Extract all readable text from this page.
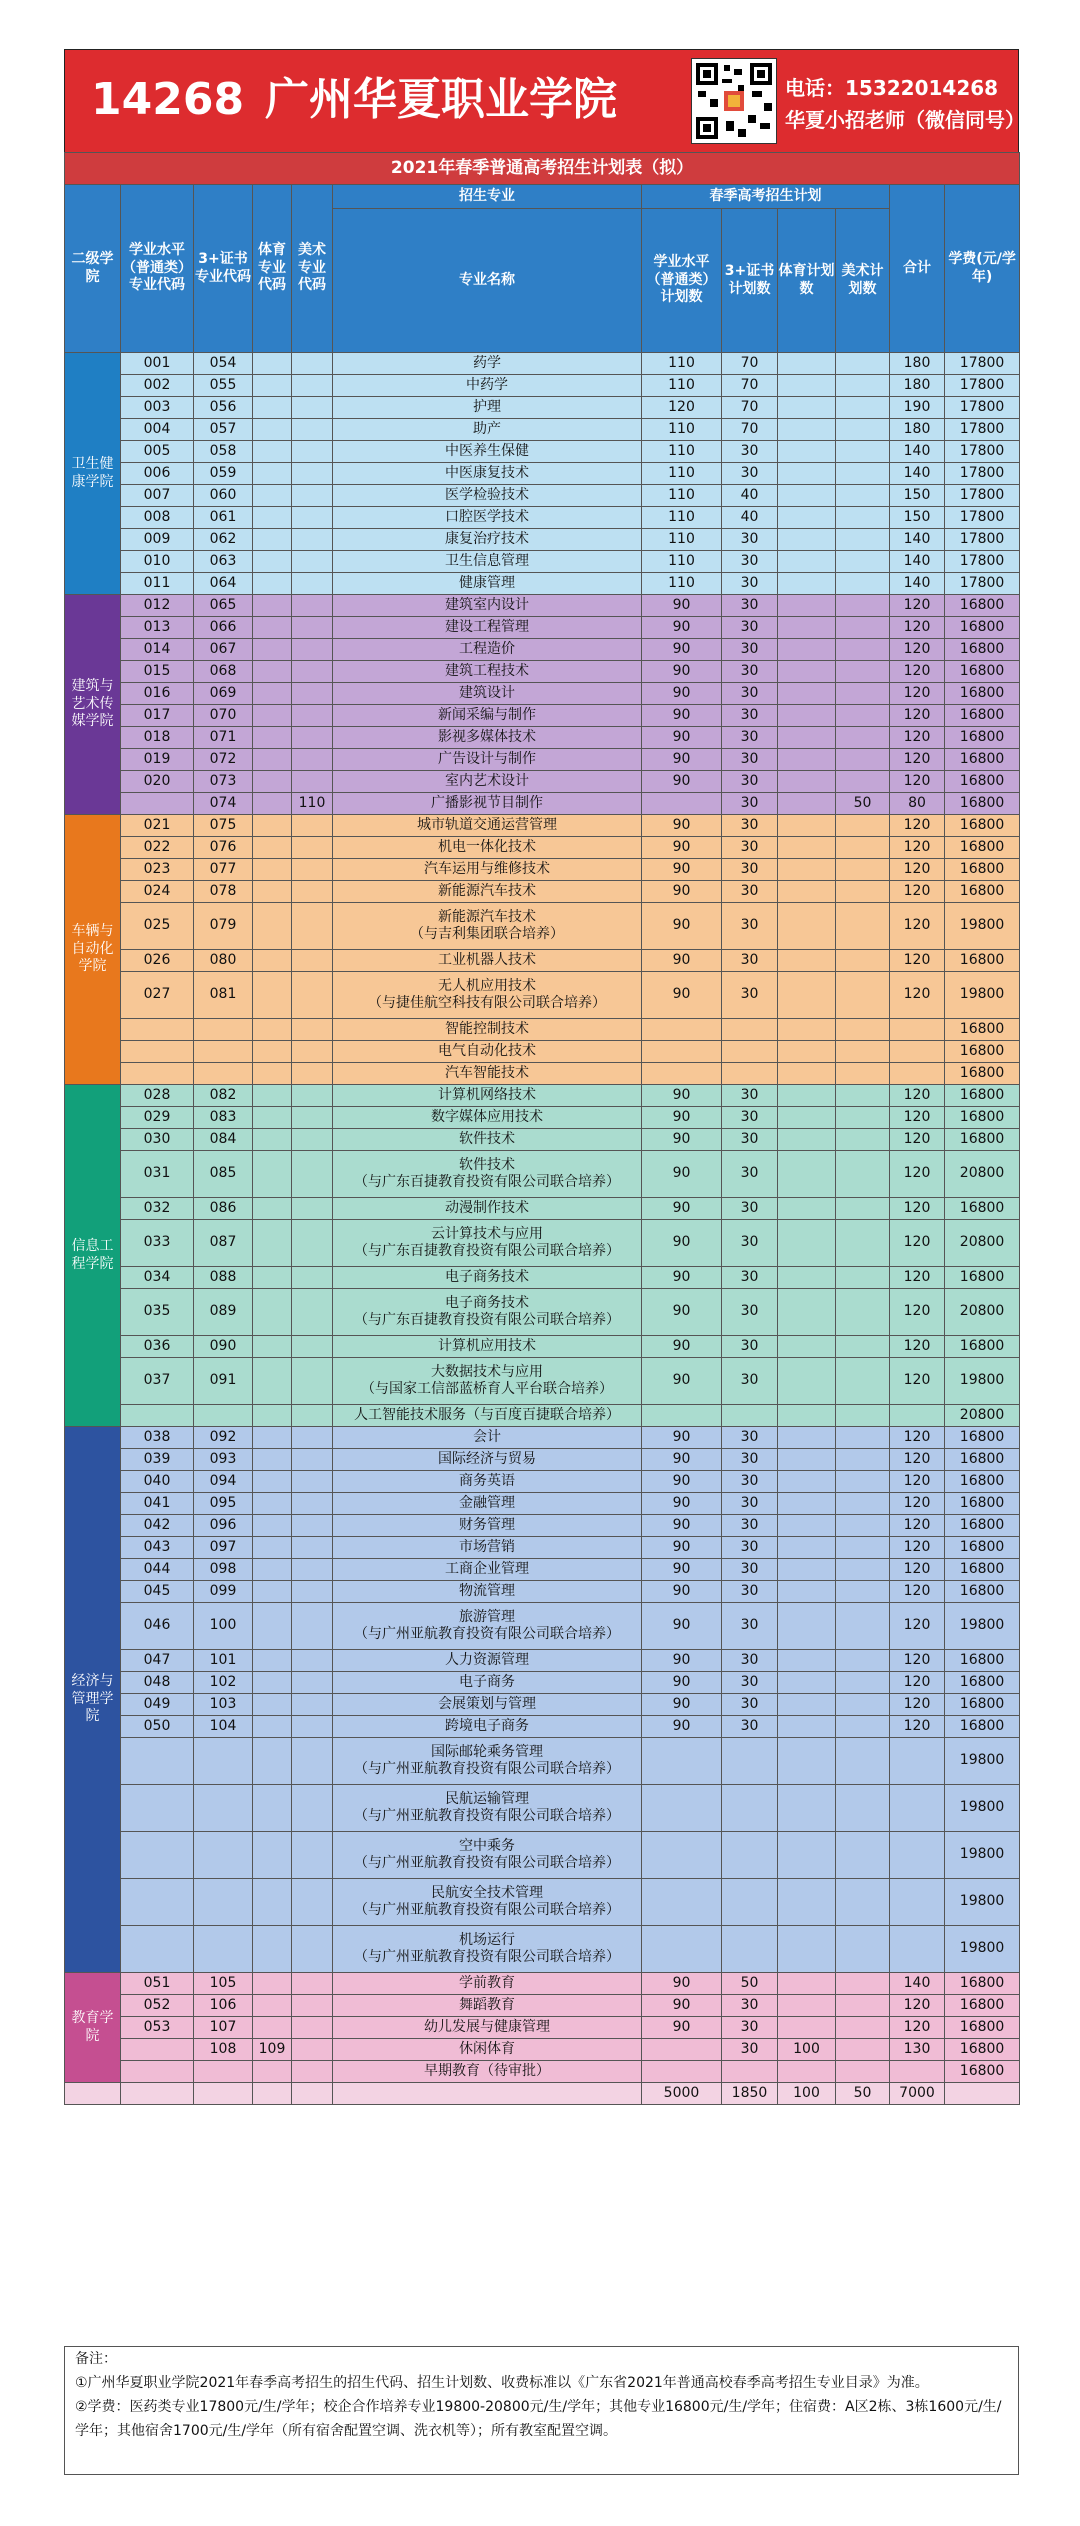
14268 广州华夏职业学院	电话：15322014268
华夏小招老师（微信同号）
2021年春季普通高考招生计划表（拟）											
二级学院	学业水平（普通类）专业代码	3+证书专业代码	体育专业代码	美术专业代码	招生专业	春季高考招生计划				合计	学费(元/学年)
					专业名称	学业水平（普通类）计划数	3+证书计划数	体育计划数	美术计划数		
卫生健康学院	001	054			药学	110	70			180	17800
	002	055			中药学	110	70			180	17800
	003	056			护理	120	70			190	17800
	004	057			助产	110	70			180	17800
	005	058			中医养生保健	110	30			140	17800
	006	059			中医康复技术	110	30			140	17800
	007	060			医学检验技术	110	40			150	17800
	008	061			口腔医学技术	110	40			150	17800
	009	062			康复治疗技术	110	30			140	17800
	010	063			卫生信息管理	110	30			140	17800
	011	064			健康管理	110	30			140	17800
建筑与艺术传媒学院	012	065			建筑室内设计	90	30			120	16800
	013	066			建设工程管理	90	30			120	16800
	014	067			工程造价	90	30			120	16800
	015	068			建筑工程技术	90	30			120	16800
	016	069			建筑设计	90	30			120	16800
	017	070			新闻采编与制作	90	30			120	16800
	018	071			影视多媒体技术	90	30			120	16800
	019	072			广告设计与制作	90	30			120	16800
	020	073			室内艺术设计	90	30			120	16800
		074		110	广播影视节目制作		30		50	80	16800
车辆与自动化学院	021	075			城市轨道交通运营管理	90	30			120	16800
	022	076			机电一体化技术	90	30			120	16800
	023	077			汽车运用与维修技术	90	30			120	16800
	024	078			新能源汽车技术	90	30			120	16800
	025	079			新能源汽车技术
（与吉利集团联合培养）	90	30			120	19800
	026	080			工业机器人技术	90	30			120	16800
	027	081			无人机应用技术
（与捷佳航空科技有限公司联合培养）	90	30			120	19800
					智能控制技术						16800
					电气自动化技术						16800
					汽车智能技术						16800
信息工程学院	028	082			计算机网络技术	90	30			120	16800
	029	083			数字媒体应用技术	90	30			120	16800
	030	084			软件技术	90	30			120	16800
	031	085			软件技术
（与广东百捷教育投资有限公司联合培养）	90	30			120	20800
	032	086			动漫制作技术	90	30			120	16800
	033	087			云计算技术与应用
（与广东百捷教育投资有限公司联合培养）	90	30			120	20800
	034	088			电子商务技术	90	30			120	16800
	035	089			电子商务技术
（与广东百捷教育投资有限公司联合培养）	90	30			120	20800
	036	090			计算机应用技术	90	30			120	16800
	037	091			大数据技术与应用
（与国家工信部蓝桥育人平台联合培养）	90	30			120	19800
					人工智能技术服务（与百度百捷联合培养）						20800
经济与管理学院	038	092			会计	90	30			120	16800
	039	093			国际经济与贸易	90	30			120	16800
	040	094			商务英语	90	30			120	16800
	041	095			金融管理	90	30			120	16800
	042	096			财务管理	90	30			120	16800
	043	097			市场营销	90	30			120	16800
	044	098			工商企业管理	90	30			120	16800
	045	099			物流管理	90	30			120	16800
	046	100			旅游管理
（与广州亚航教育投资有限公司联合培养）	90	30			120	19800
	047	101			人力资源管理	90	30			120	16800
	048	102			电子商务	90	30			120	16800
	049	103			会展策划与管理	90	30			120	16800
	050	104			跨境电子商务	90	30			120	16800
					国际邮轮乘务管理
（与广州亚航教育投资有限公司联合培养）						19800
					民航运输管理
（与广州亚航教育投资有限公司联合培养）						19800
					空中乘务
（与广州亚航教育投资有限公司联合培养）						19800
					民航安全技术管理
（与广州亚航教育投资有限公司联合培养）						19800
					机场运行
（与广州亚航教育投资有限公司联合培养）						19800
教育学院	051	105			学前教育	90	50			140	16800
	052	106			舞蹈教育	90	30			120	16800
	053	107			幼儿发展与健康管理	90	30			120	16800
		108	109		休闲体育		30	100		130	16800
					早期教育（待审批）						16800
						5000	1850	100	50	7000	
备注：
①广州华夏职业学院2021年春季高考招生的招生代码、招生计划数、收费标准以《广东省2021年普通高校春季高考招生专业目录》为准。
②学费：医药类专业17800元/生/学年；校企合作培养专业19800-20800元/生/学年；其他专业16800元/生/学年；住宿费：A区2栋、3栋1600元/生/学年；其他宿舍1700元/生/学年（所有宿舍配置空调、洗衣机等）；所有教室配置空调。
